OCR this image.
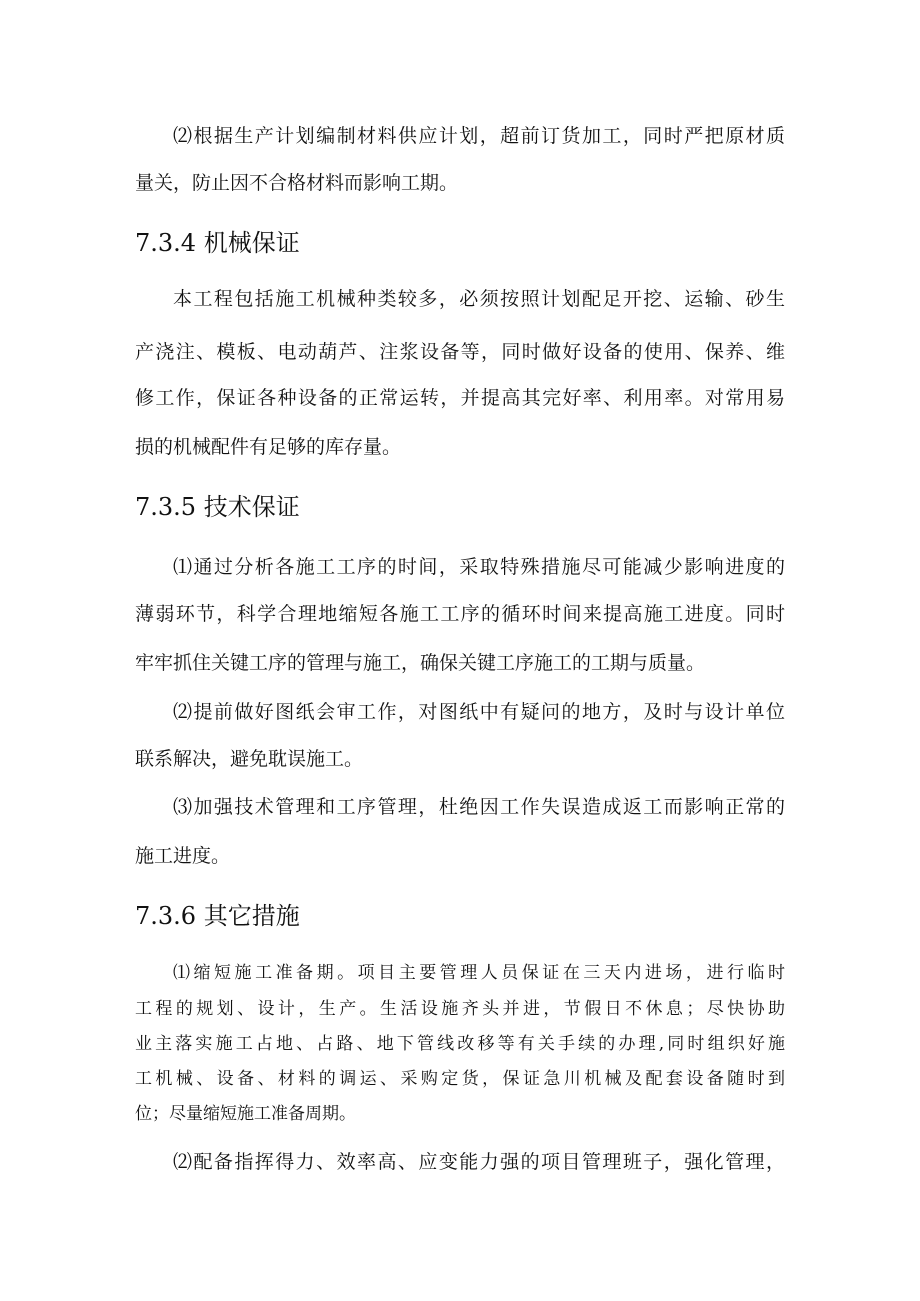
⑵根据生产计划编制材料供应计划，超前订货加工，同时严把原材质

量关，防止因不合格材料而影响工期。

7.3.4 机械保证

本工程包括施工机械种类较多，必须按照计划配足开挖、运输、砂生

产浇注、模板、电动葫芦、注浆设备等，同时做好设备的使用、保养、维

修工作，保证各种设备的正常运转，并提高其完好率、利用率。对常用易

损的机械配件有足够的库存量。

7.3.5 技术保证

⑴通过分析各施工工序的时间，采取特殊措施尽可能减少影响进度的

薄弱环节，科学合理地缩短各施工工序的循环时间来提高施工进度。同时

牢牢抓住关键工序的管理与施工，确保关键工序施工的工期与质量。

⑵提前做好图纸会审工作，对图纸中有疑问的地方，及时与设计单位

联系解决，避免耽误施工。

⑶加强技术管理和工序管理，杜绝因工作失误造成返工而影响正常的

施工进度。

7.3.6 其它措施

⑴缩短施工准备期。项目主要管理人员保证在三天内进场，进行临时

工程的规划、设计，生产。生活设施齐头并进，节假日不休息；尽快协助

业主落实施工占地、占路、地下管线改移等有关手续的办理,同时组织好施

工机械、设备、材料的调运、采购定货，保证急川机械及配套设备随时到

位；尽量缩短施工准备周期。

⑵配备指挥得力、效率高、应变能力强的项目管理班子，强化管理，
